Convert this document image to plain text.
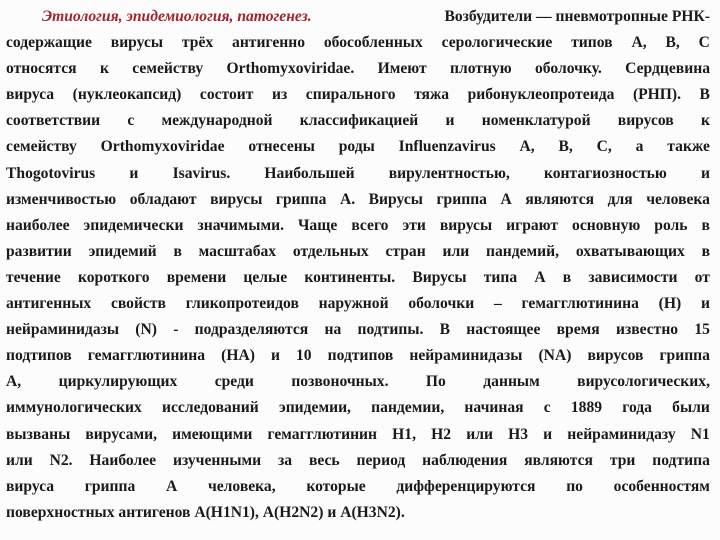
Этиология, эпидемиология, патогенез.	Возбудители — пневмотропные РНК-
содержащие вирусы трёх антигенно обособленных серологические типов А, В, С
относятся к семейству Orthomyxoviridae. Имеют плотную оболочку. Сердцевина
вируса (нуклеокапсид) состоит из спирального тяжа рибонуклеопротеида (РНП). В
соответствии с международной классификацией и номенклатурой вирусов к
семейству Orthomyxoviridae отнесены роды Influenzavirus А, В, С, а также
Thogotovirus и Isavirus. Наибольшей вирулентностью, контагиозностью и
изменчивостью обладают вирусы гриппа А. Вирусы гриппа А являются для человека
наиболее эпидемически значимыми. Чаще всего эти вирусы играют основную роль в
развитии эпидемий в масштабах отдельных стран или пандемий, охватывающих в
течение короткого времени целые континенты. Вирусы типа А в зависимости от
антигенных свойств гликопротеидов наружной оболочки – гемагглютинина (Н) и
нейраминидазы (N) - подразделяются на подтипы. В настоящее время известно 15
подтипов гемагглютинина (НА) и 10 подтипов нейраминидазы (NA) вирусов гриппа
А, циркулирующих среди позвоночных. По данным вирусологических,
иммунологических исследований эпидемии, пандемии, начиная с 1889 года были
вызваны вирусами, имеющими гемагглютинин Н1, Н2 или Н3 и нейраминидазу N1
или N2. Наиболее изученными за весь период наблюдения являются три подтипа
вируса гриппа А человека, которые дифференцируются по особенностям
поверхностных антигенов А(Н1N1), А(Н2N2) и А(Н3N2).
